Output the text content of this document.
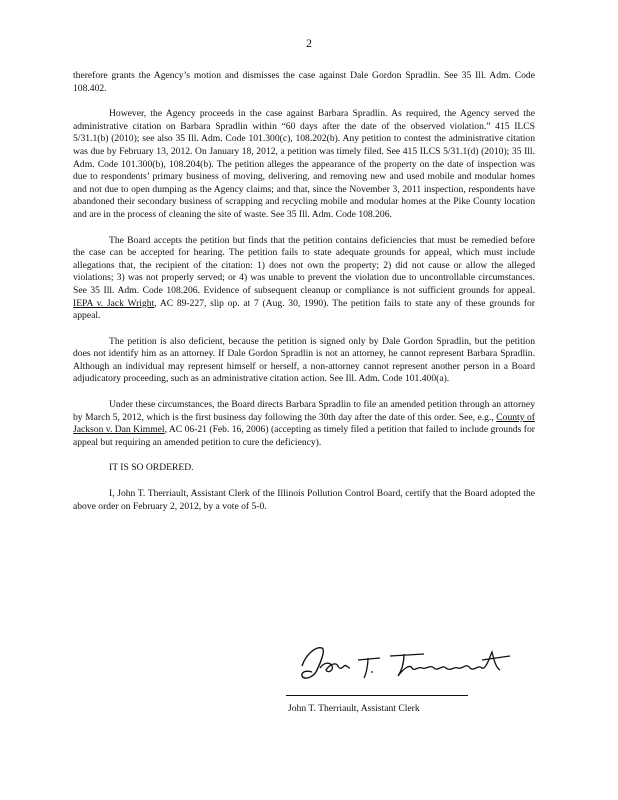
2

therefore grants the Agency’s motion and dismisses the case against Dale Gordon Spradlin. See 35 Ill. Adm. Code 108.402.

However, the Agency proceeds in the case against Barbara Spradlin. As required, the Agency served the administrative citation on Barbara Spradlin within “60 days after the date of the observed violation.” 415 ILCS 5/31.1(b) (2010); see also 35 Ill. Adm. Code 101.300(c), 108.202(b). Any petition to contest the administrative citation was due by February 13, 2012. On January 18, 2012, a petition was timely filed. See 415 ILCS 5/31.1(d) (2010); 35 Ill. Adm. Code 101.300(b), 108.204(b). The petition alleges the appearance of the property on the date of inspection was due to respondents’ primary business of moving, delivering, and removing new and used mobile and modular homes and not due to open dumping as the Agency claims; and that, since the November 3, 2011 inspection, respondents have abandoned their secondary business of scrapping and recycling mobile and modular homes at the Pike County location and are in the process of cleaning the site of waste. See 35 Ill. Adm. Code 108.206.

The Board accepts the petition but finds that the petition contains deficiencies that must be remedied before the case can be accepted for hearing. The petition fails to state adequate grounds for appeal, which must include allegations that, the recipient of the citation: 1) does not own the property; 2) did not cause or allow the alleged violations; 3) was not properly served; or 4) was unable to prevent the violation due to uncontrollable circumstances. See 35 Ill. Adm. Code 108.206. Evidence of subsequent cleanup or compliance is not sufficient grounds for appeal. IEPA v. Jack Wright, AC 89-227, slip op. at 7 (Aug. 30, 1990). The petition fails to state any of these grounds for appeal.

The petition is also deficient, because the petition is signed only by Dale Gordon Spradlin, but the petition does not identify him as an attorney. If Dale Gordon Spradlin is not an attorney, he cannot represent Barbara Spradlin. Although an individual may represent himself or herself, a non-attorney cannot represent another person in a Board adjudicatory proceeding, such as an administrative citation action. See Ill. Adm. Code 101.400(a).

Under these circumstances, the Board directs Barbara Spradlin to file an amended petition through an attorney by March 5, 2012, which is the first business day following the 30th day after the date of this order. See, e.g., County of Jackson v. Dan Kimmel, AC 06-21 (Feb. 16, 2006) (accepting as timely filed a petition that failed to include grounds for appeal but requiring an amended petition to cure the deficiency).

IT IS SO ORDERED.

I, John T. Therriault, Assistant Clerk of the Illinois Pollution Control Board, certify that the Board adopted the above order on February 2, 2012, by a vote of 5-0.

John T. Therriault, Assistant Clerk
